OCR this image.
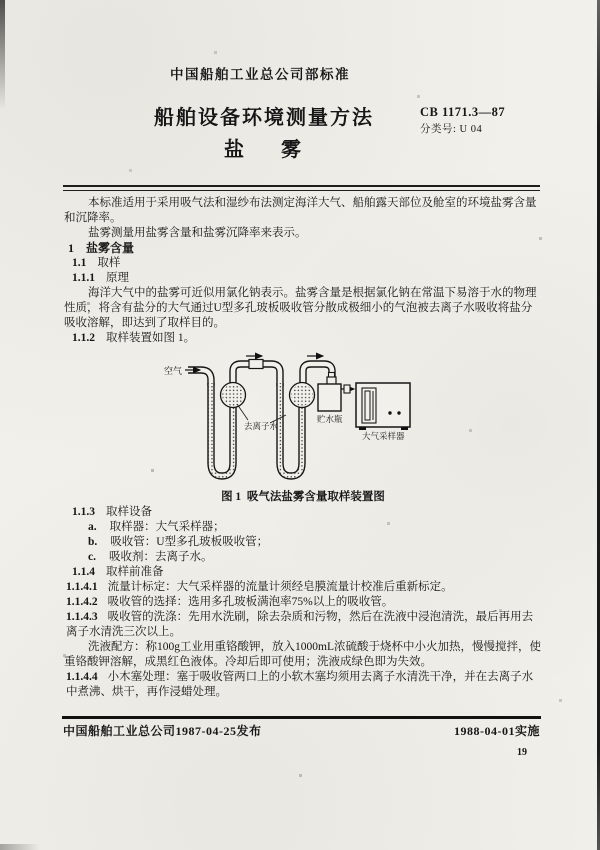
中国船舶工业总公司部标准
船舶设备环境测量方法
盐 雾
CB 1171.3—87
分类号: U 04

本标准适用于采用吸气法和湿纱布法测定海洋大气、船舶露天部位及舱室的环境盐雾含量和沉降率。

盐雾测量用盐雾含量和盐雾沉降率来表示。

1 盐雾含量

1.1 取样

1.1.1 原理

海洋大气中的盐雾可近似用氯化钠表示。盐雾含量是根据氯化钠在常温下易溶于水的物理性质，将含有盐分的大气通过U型多孔玻板吸收管分散成极细小的气泡被去离子水吸收将盐分吸收溶解，即达到了取样目的。

1.1.2 取样装置如图 1。

空气
去离子水
贮水瓶
大气采样器

图 1  吸气法盐雾含量取样装置图

1.1.3 取样设备

a. 取样器：大气采样器；

b. 吸收管：U型多孔玻板吸收管；

c. 吸收剂：去离子水。

1.1.4 取样前准备

1.1.4.1 流量计标定：大气采样器的流量计须经皂膜流量计校准后重新标定。

1.1.4.2 吸收管的选择：选用多孔玻板满泡率75%以上的吸收管。

1.1.4.3 吸收管的洗涤：先用水洗刷，除去杂质和污物，然后在洗液中浸泡清洗，最后再用去离子水清洗三次以上。

洗液配方：称100g工业用重铬酸钾，放入1000mL浓硫酸于烧杯中小火加热，慢慢搅拌，使重铬酸钾溶解，成黑红色液体。冷却后即可使用；洗液成绿色即为失效。

1.1.4.4 小木塞处理：塞于吸收管两口上的小软木塞均须用去离子水清洗干净，并在去离子水中煮沸、烘干，再作浸蜡处理。

中国船舶工业总公司1987-04-25发布	1988-04-01实施
19
